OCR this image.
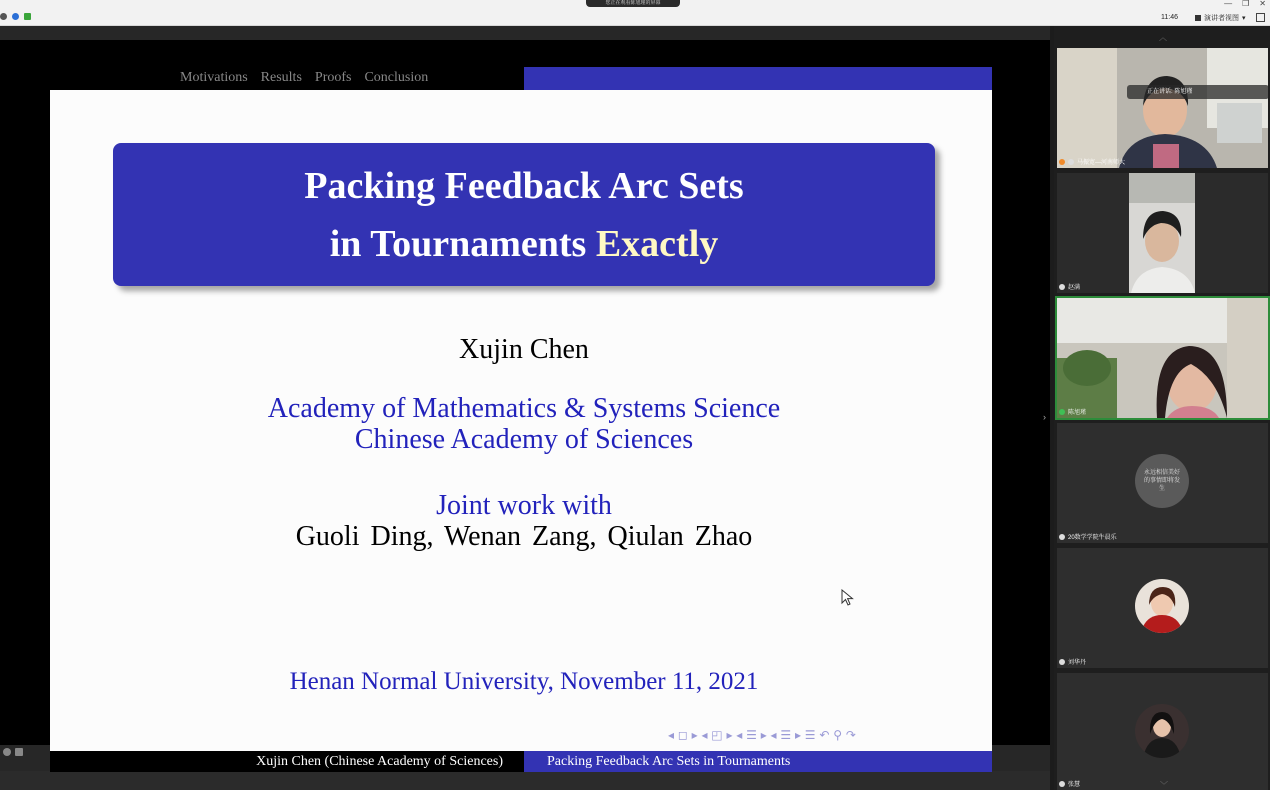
您正在观看陈旭瑾的屏幕	— ❐ ✕
11:46	演讲者视图 ▾
›
Motivations Results Proofs Conclusion
Packing Feedback Arc Sets
in Tournaments Exactly
Xujin Chen
Academy of Mathematics & Systems Science
Chinese Academy of Sciences
Joint work with
Guoli Ding, Wenan Zang, Qiulan Zhao
Henan Normal University, November 11, 2021
◂ ◻ ▸ ◂ ◰ ▸ ◂ ☰ ▸ ◂ ☰ ▸ ☰ ↶ ⚲ ↷
Xujin Chen (Chinese Academy of Sciences)	Packing Feedback Arc Sets in Tournaments
︿
正在讲话: 陈旭瑾
马振宽—河南师大
赵满
陈旭瑾
永远相信美好的事情即将发生
20数学学院牛晨乐
刘华丹
张慧	﹀
